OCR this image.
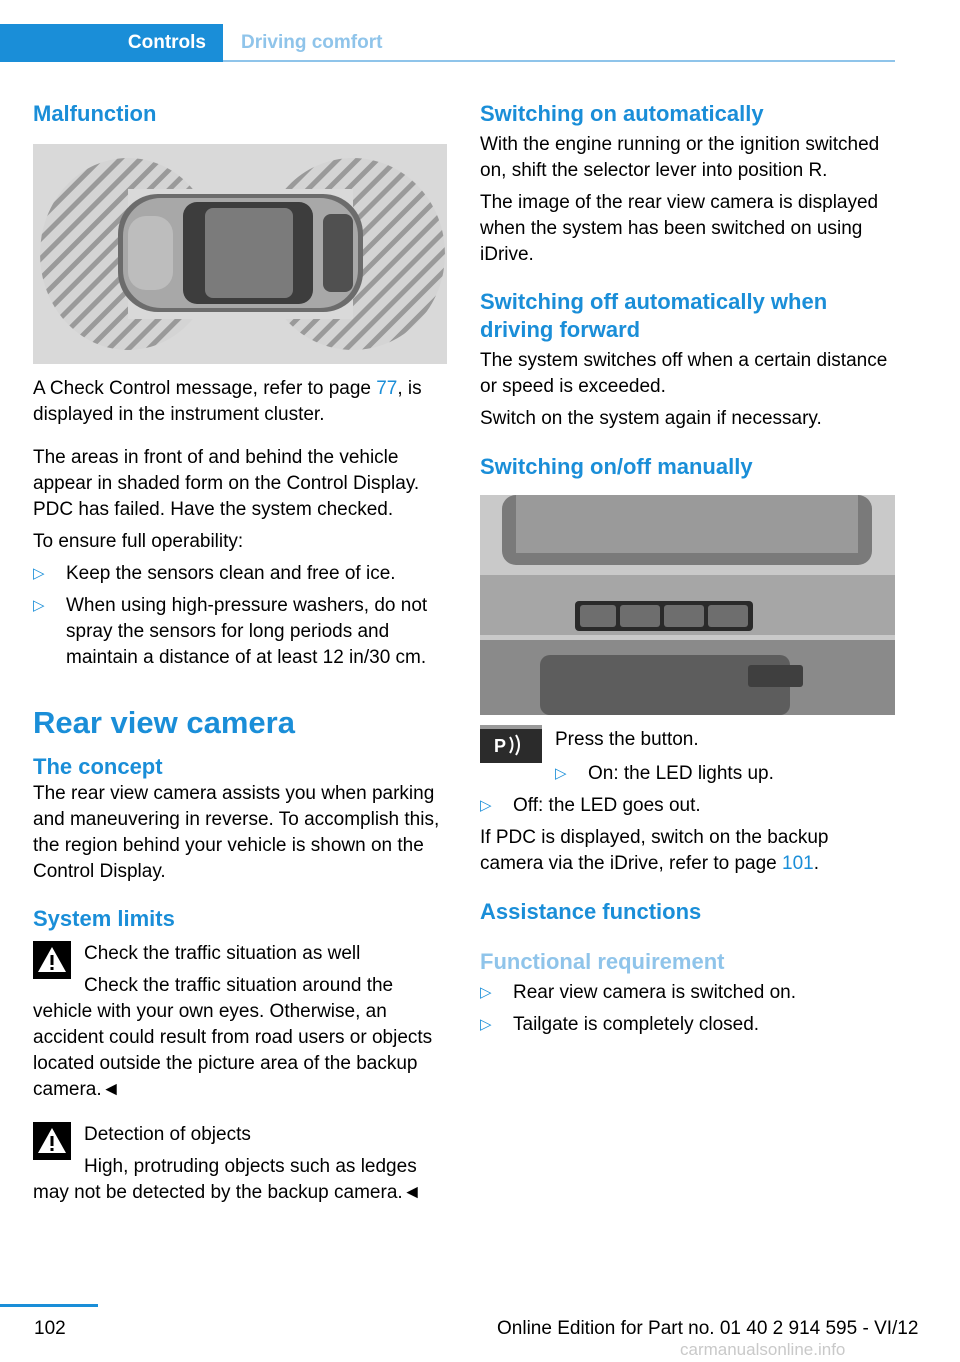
Controls	Driving comfort
Malfunction

A Check Control message, refer to page 77, is displayed in the instrument cluster.

The areas in front of and behind the vehicle appear in shaded form on the Control Display. PDC has failed. Have the system checked.

To ensure full operability:

▷ Keep the sensors clean and free of ice.
▷ When using high-pressure washers, do not spray the sensors for long periods and maintain a distance of at least 12 in/30 cm.
Rear view camera
The concept

The rear view camera assists you when parking and maneuvering in reverse. To accomplish this, the region behind your vehicle is shown on the Control Display.

System limits

Check the traffic situation as well

Check the traffic situation around the vehicle with your own eyes. Otherwise, an accident could result from road users or objects located outside the picture area of the backup camera.◄

Detection of objects

High, protruding objects such as ledges may not be detected by the backup camera.◄

Switching on automatically

With the engine running or the ignition switched on, shift the selector lever into position R.

The image of the rear view camera is displayed when the system has been switched on using iDrive.

Switching off automatically when driving forward

The system switches off when a certain distance or speed is exceeded.

Switch on the system again if necessary.

Switching on/off manually
P	Press the button.

▷ On: the LED lights up.
▷ Off: the LED goes out.

If PDC is displayed, switch on the backup camera via the iDrive, refer to page 101.

Assistance functions
Functional requirement
▷ Rear view camera is switched on.
▷ Tailgate is completely closed.
102	Online Edition for Part no. 01 40 2 914 595 - VI/12
carmanualsonline.info
